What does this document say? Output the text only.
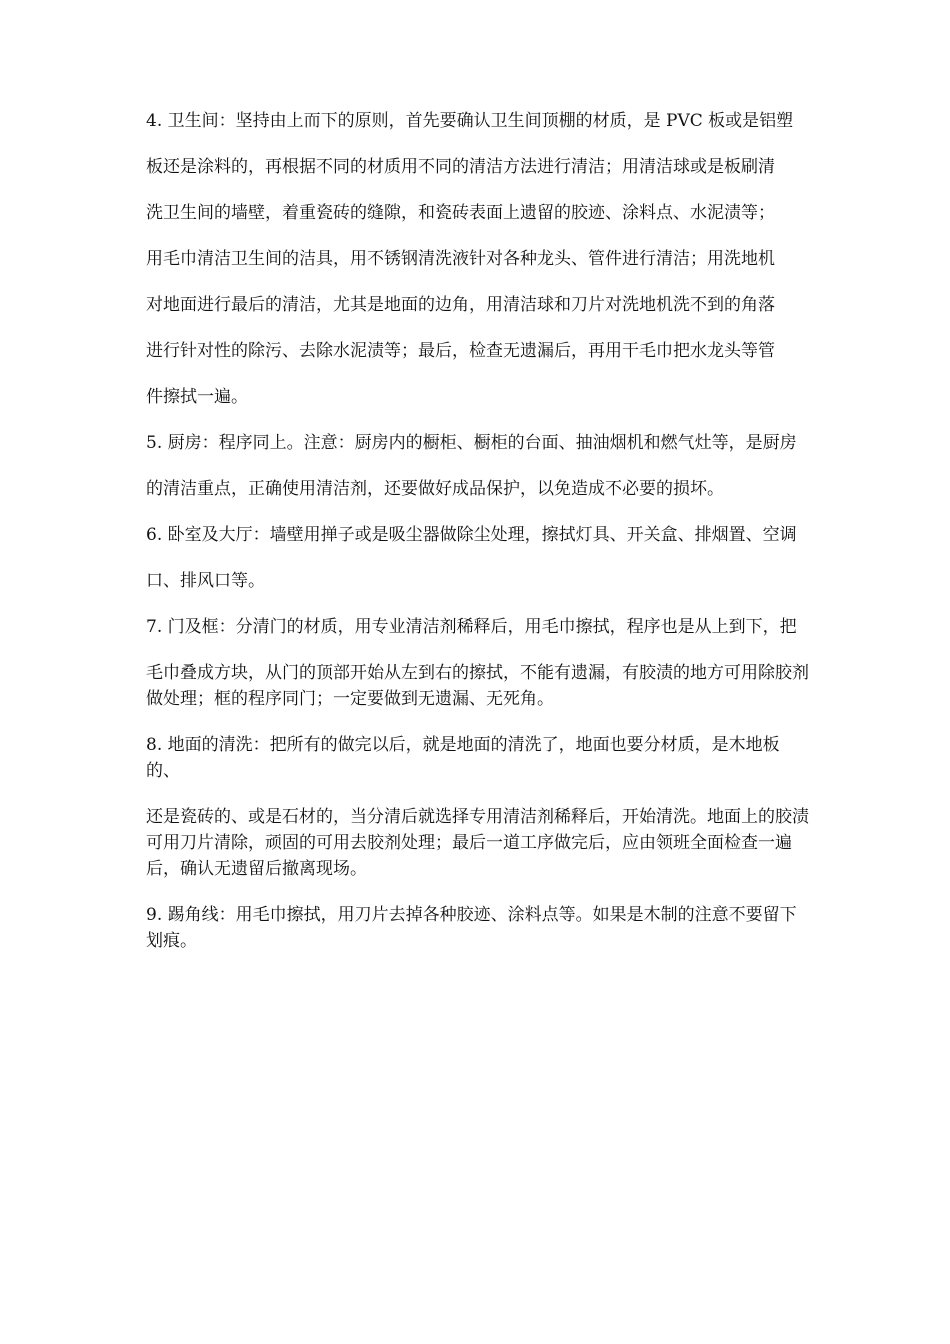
4. 卫生间：坚持由上而下的原则，首先要确认卫生间顶棚的材质，是 PVC 板或是铝塑

板还是涂料的，再根据不同的材质用不同的清洁方法进行清洁；用清洁球或是板刷清

洗卫生间的墙壁，着重瓷砖的缝隙，和瓷砖表面上遗留的胶迹、涂料点、水泥渍等；

用毛巾清洁卫生间的洁具，用不锈钢清洗液针对各种龙头、管件进行清洁；用洗地机

对地面进行最后的清洁，尤其是地面的边角，用清洁球和刀片对洗地机洗不到的角落

进行针对性的除污、去除水泥渍等；最后，检查无遗漏后，再用干毛巾把水龙头等管

件擦拭一遍。

5. 厨房：程序同上。注意：厨房内的橱柜、橱柜的台面、抽油烟机和燃气灶等，是厨房

的清洁重点，正确使用清洁剂，还要做好成品保护，以免造成不必要的损坏。

6. 卧室及大厅：墙壁用掸子或是吸尘器做除尘处理，擦拭灯具、开关盒、排烟置、空调

口、排风口等。

7. 门及框：分清门的材质，用专业清洁剂稀释后，用毛巾擦拭，程序也是从上到下，把

毛巾叠成方块，从门的顶部开始从左到右的擦拭，不能有遗漏，有胶渍的地方可用除胶剂做处理；框的程序同门；一定要做到无遗漏、无死角。

8. 地面的清洗：把所有的做完以后，就是地面的清洗了，地面也要分材质，是木地板的、

还是瓷砖的、或是石材的，当分清后就选择专用清洁剂稀释后，开始清洗。地面上的胶渍可用刀片清除，顽固的可用去胶剂处理；最后一道工序做完后，应由领班全面检查一遍后，确认无遗留后撤离现场。

9. 踢角线：用毛巾擦拭，用刀片去掉各种胶迹、涂料点等。如果是木制的注意不要留下划痕。
